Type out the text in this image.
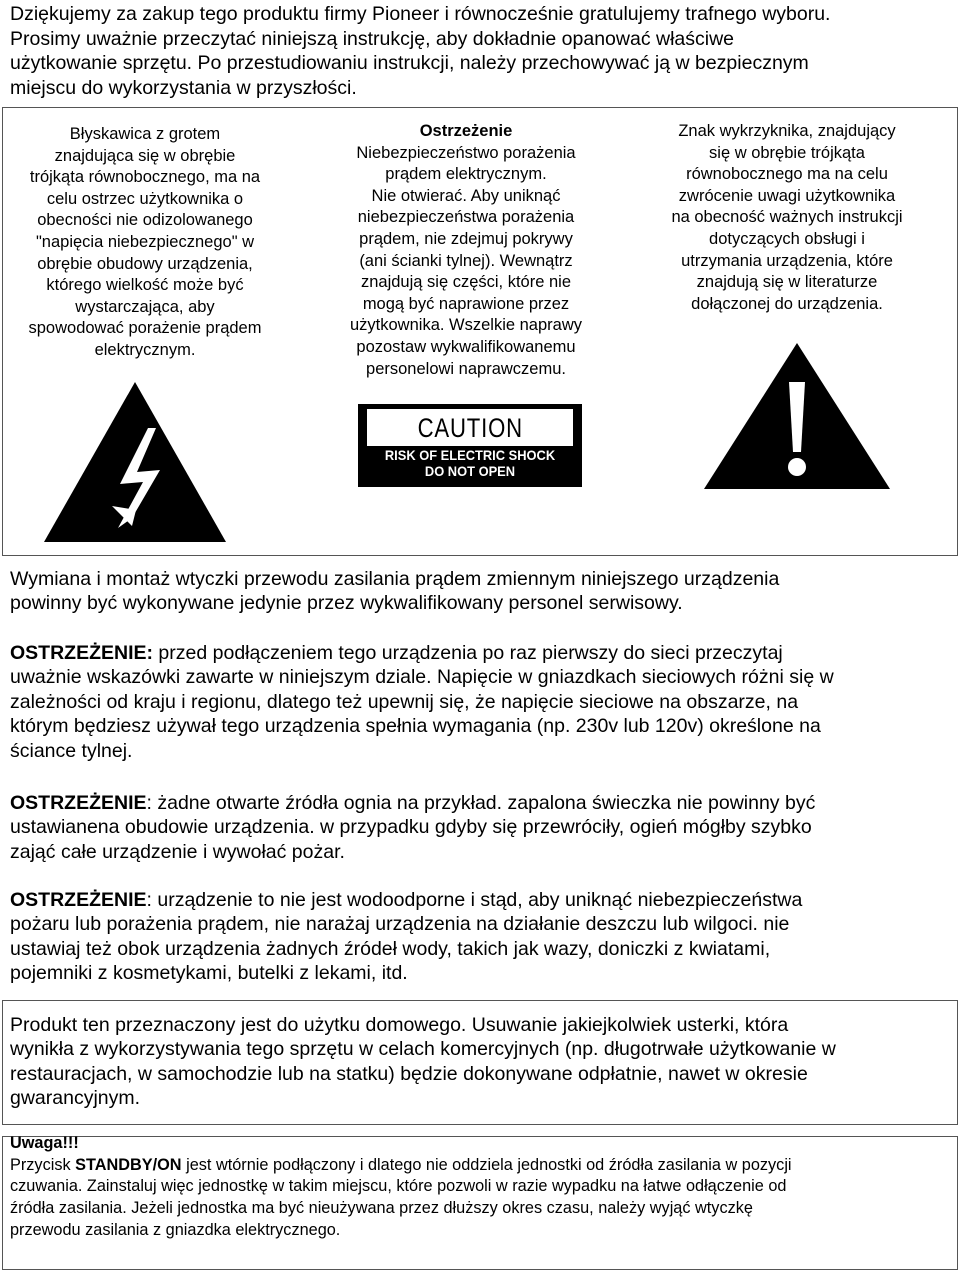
Dziękujemy za zakup tego produktu firmy Pioneer i równocześnie gratulujemy trafnego wyboru.
Prosimy uważnie przeczytać niniejszą instrukcję, aby dokładnie opanować właściwe
użytkowanie sprzętu. Po przestudiowaniu instrukcji, należy przechowywać ją w bezpiecznym
miejscu do wykorzystania w przyszłości.
Błyskawica z grotem
znajdująca się w obrębie
trójkąta równobocznego, ma na
celu ostrzec użytkownika o
obecności nie odizolowanego
"napięcia niebezpiecznego" w
obrębie obudowy urządzenia,
którego wielkość może być
wystarczająca, aby
spowodować porażenie prądem
elektrycznym.
Ostrzeżenie
Niebezpieczeństwo porażenia
prądem elektrycznym.
Nie otwierać. Aby uniknąć
niebezpieczeństwa porażenia
prądem, nie zdejmuj pokrywy
(ani ścianki tylnej). Wewnątrz
znajdują się części, które nie
mogą być naprawione przez
użytkownika. Wszelkie naprawy
pozostaw wykwalifikowanemu
personelowi naprawczemu.
CAUTION
RISK OF ELECTRIC SHOCK
DO NOT OPEN
Znak wykrzyknika, znajdujący
się w obrębie trójkąta
równobocznego ma na celu
zwrócenie uwagi użytkownika
na obecność ważnych instrukcji
dotyczących obsługi i
utrzymania urządzenia, które
znajdują się w literaturze
dołączonej do urządzenia.
Wymiana i montaż wtyczki przewodu zasilania prądem zmiennym niniejszego urządzenia
powinny być wykonywane jedynie przez wykwalifikowany personel serwisowy.
OSTRZEŻENIE: przed podłączeniem tego urządzenia po raz pierwszy do sieci przeczytaj
uważnie wskazówki zawarte w niniejszym dziale. Napięcie w gniazdkach sieciowych różni się w
zależności od kraju i regionu, dlatego też upewnij się, że napięcie sieciowe na obszarze, na
którym będziesz używał tego urządzenia spełnia wymagania (np. 230v lub 120v) określone na
ściance tylnej.
OSTRZEŻENIE: żadne otwarte źródła ognia na przykład. zapalona świeczka nie powinny być
ustawianena obudowie urządzenia. w przypadku gdyby się przewróciły, ogień mógłby szybko
zająć całe urządzenie i wywołać pożar.
OSTRZEŻENIE: urządzenie to nie jest wodoodporne i stąd, aby uniknąć niebezpieczeństwa
pożaru lub porażenia prądem, nie narażaj urządzenia na działanie deszczu lub wilgoci. nie
ustawiaj też obok urządzenia żadnych źródeł wody, takich jak wazy, doniczki z kwiatami,
pojemniki z kosmetykami, butelki z lekami, itd.
Produkt ten przeznaczony jest do użytku domowego. Usuwanie jakiejkolwiek usterki, która
wynikła z wykorzystywania tego sprzętu w celach komercyjnych (np. długotrwałe użytkowanie w
restauracjach, w samochodzie lub na statku) będzie dokonywane odpłatnie, nawet w okresie
gwarancyjnym.
Uwaga!!!
Przycisk STANDBY/ON jest wtórnie podłączony i dlatego nie oddziela jednostki od źródła zasilania w pozycji
czuwania. Zainstaluj więc jednostkę w takim miejscu, które pozwoli w razie wypadku na łatwe odłączenie od
źródła zasilania. Jeżeli jednostka ma być nieużywana przez dłuższy okres czasu, należy wyjąć wtyczkę
przewodu zasilania z gniazdka elektrycznego.
